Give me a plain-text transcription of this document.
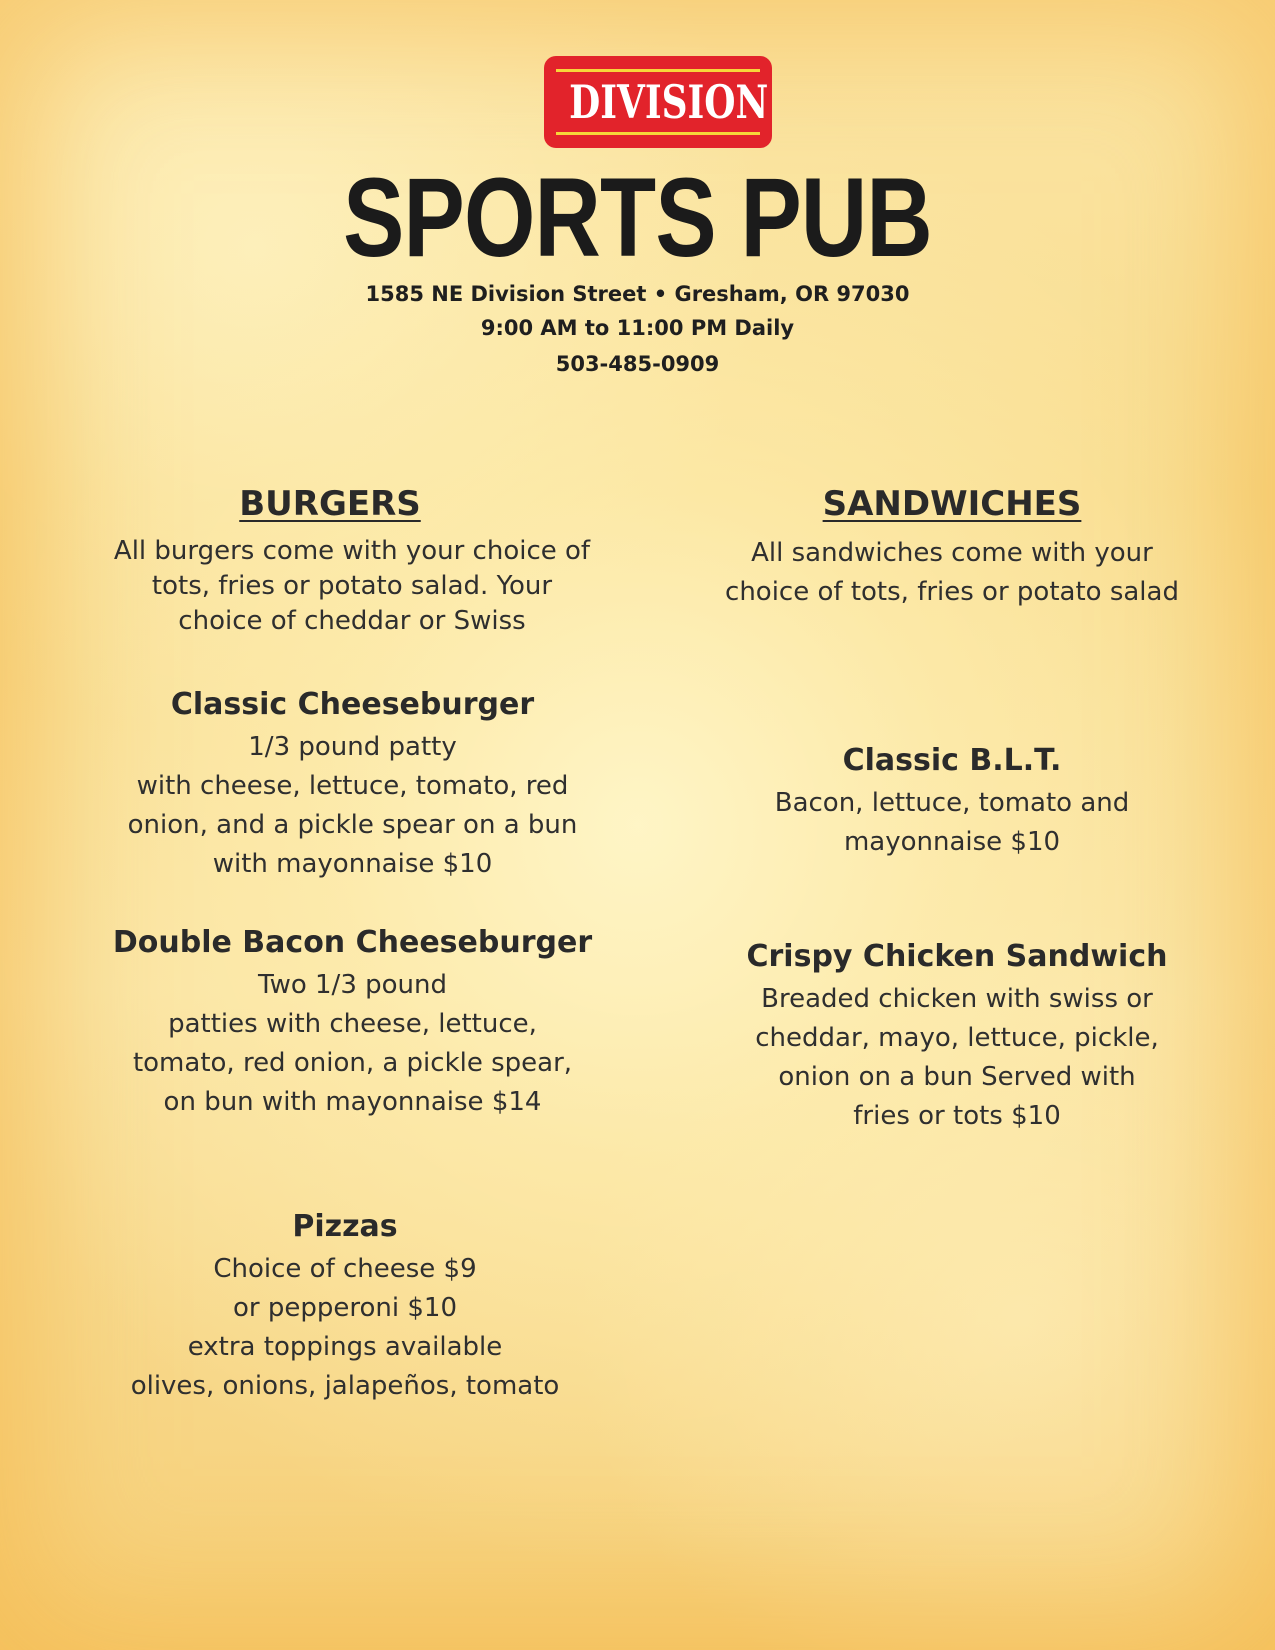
DIVISION
SPORTS PUB
1585 NE Division Street • Gresham, OR 97030
9:00 AM to 11:00 PM Daily
503-485-0909
BURGERS
All burgers come with your choice of tots, fries or potato salad. Your choice of cheddar or Swiss
Classic Cheeseburger
1/3 pound patty
with cheese, lettuce, tomato, red
onion, and a pickle spear on a bun
with mayonnaise $10
Double Bacon Cheeseburger
Two 1/3 pound
patties with cheese, lettuce,
tomato, red onion, a pickle spear,
on bun with mayonnaise $14
Pizzas
Choice of cheese $9
or pepperoni $10
extra toppings available
olives, onions, jalapeños, tomato
SANDWICHES
All sandwiches come with your choice of tots, fries or potato salad
Classic B.L.T.
Bacon, lettuce, tomato and
mayonnaise $10
Crispy Chicken Sandwich
Breaded chicken with swiss or
cheddar, mayo, lettuce, pickle,
onion on a bun Served with
fries or tots $10
